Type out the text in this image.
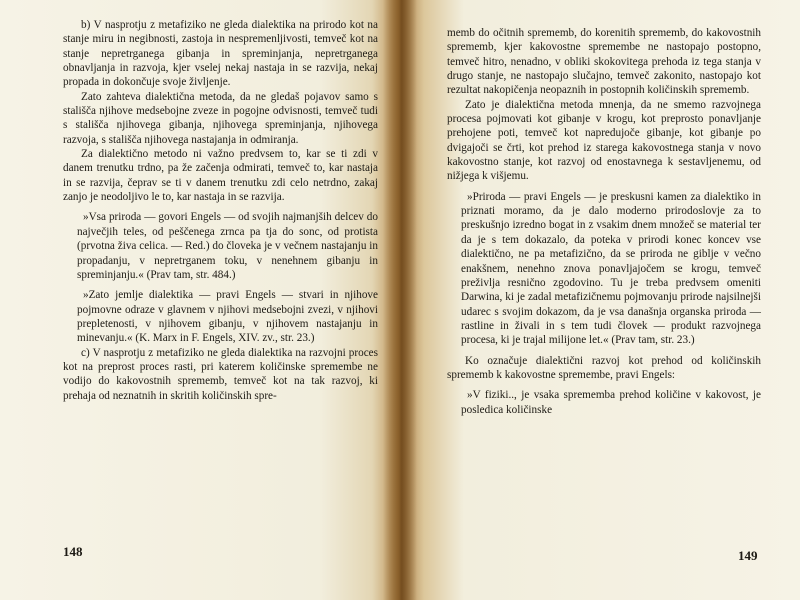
b) V nasprotju z metafiziko ne gleda dialektika na prirodo kot na stanje miru in negibnosti, zastoja in nespremenljivosti, temveč kot na stanje nepretrganega gibanja in spreminjanja, nepretrganega obnavljanja in razvoja, kjer vselej nekaj nastaja in se razvija, nekaj propada in dokončuje svoje življenje.

Zato zahteva dialektična metoda, da ne gledaš pojavov samo s stališča njihove medsebojne zveze in pogojne odvisnosti, temveč tudi s stališča njihovega gibanja, njihovega spreminjanja, njihovega razvoja, s stališča njihovega nastajanja in odmiranja.

Za dialektično metodo ni važno predvsem to, kar se ti zdi v danem trenutku trdno, pa že začenja odmirati, temveč to, kar nastaja in se razvija, čeprav se ti v danem trenutku zdi celo netrdno, zakaj zanjo je neodoljivo le to, kar nastaja in se razvija.

»Vsa priroda — govori Engels — od svojih najmanjših delcev do največjih teles, od peščenega zrnca pa tja do sonc, od protista (prvotna živa celica. — Red.) do človeka je v večnem nastajanju in propadanju, v nepretrganem toku, v nenehnem gibanju in spreminjanju.« (Prav tam, str. 484.)

»Zato jemlje dialektika — pravi Engels — stvari in njihove pojmovne odraze v glavnem v njihovi medsebojni zvezi, v njihovi prepletenosti, v njihovem gibanju, v njihovem nastajanju in minevanju.« (K. Marx in F. Engels, XIV. zv., str. 23.)

c) V nasprotju z metafiziko ne gleda dialektika na razvojni proces kot na preprost proces rasti, pri katerem količinske spremembe ne vodijo do kakovostnih sprememb, temveč kot na tak razvoj, ki prehaja od neznatnih in skritih količinskih spre-

148

memb do očitnih sprememb, do korenitih sprememb, do kakovostnih sprememb, kjer kakovostne spremembe ne nastopajo postopno, temveč hitro, nenadno, v obliki skokovitega prehoda iz tega stanja v drugo stanje, ne nastopajo slučajno, temveč zakonito, nastopajo kot rezultat nakopičenja neopaznih in postopnih količinskih sprememb.

Zato je dialektična metoda mnenja, da ne smemo razvojnega procesa pojmovati kot gibanje v krogu, kot preprosto ponavljanje prehojene poti, temveč kot napredujoče gibanje, kot gibanje po dvigajoči se črti, kot prehod iz starega kakovostnega stanja v novo kakovostno stanje, kot razvoj od enostavnega k sestavljenemu, od nižjega k višjemu.

»Priroda — pravi Engels — je preskusni kamen za dialektiko in priznati moramo, da je dalo moderno prirodoslovje za to preskušnjo izredno bogat in z vsakim dnem množeč se material ter da je s tem dokazalo, da poteka v prirodi konec koncev vse dialektično, ne pa metafizično, da se priroda ne giblje v večno enakšnem, nenehno znova ponavljajočem se krogu, temveč preživlja resnično zgodovino. Tu je treba predvsem omeniti Darwina, ki je zadal metafizičnemu pojmovanju prirode najsilnejši udarec s svojim dokazom, da je vsa današnja organska priroda — rastline in živali in s tem tudi človek — produkt razvojnega procesa, ki je trajal milijone let.« (Prav tam, str. 23.)

Ko označuje dialektični razvoj kot prehod od količinskih sprememb k kakovostne spremembe, pravi Engels:

»V fiziki.., je vsaka sprememba prehod količine v kakovost, je posledica količinske

149
